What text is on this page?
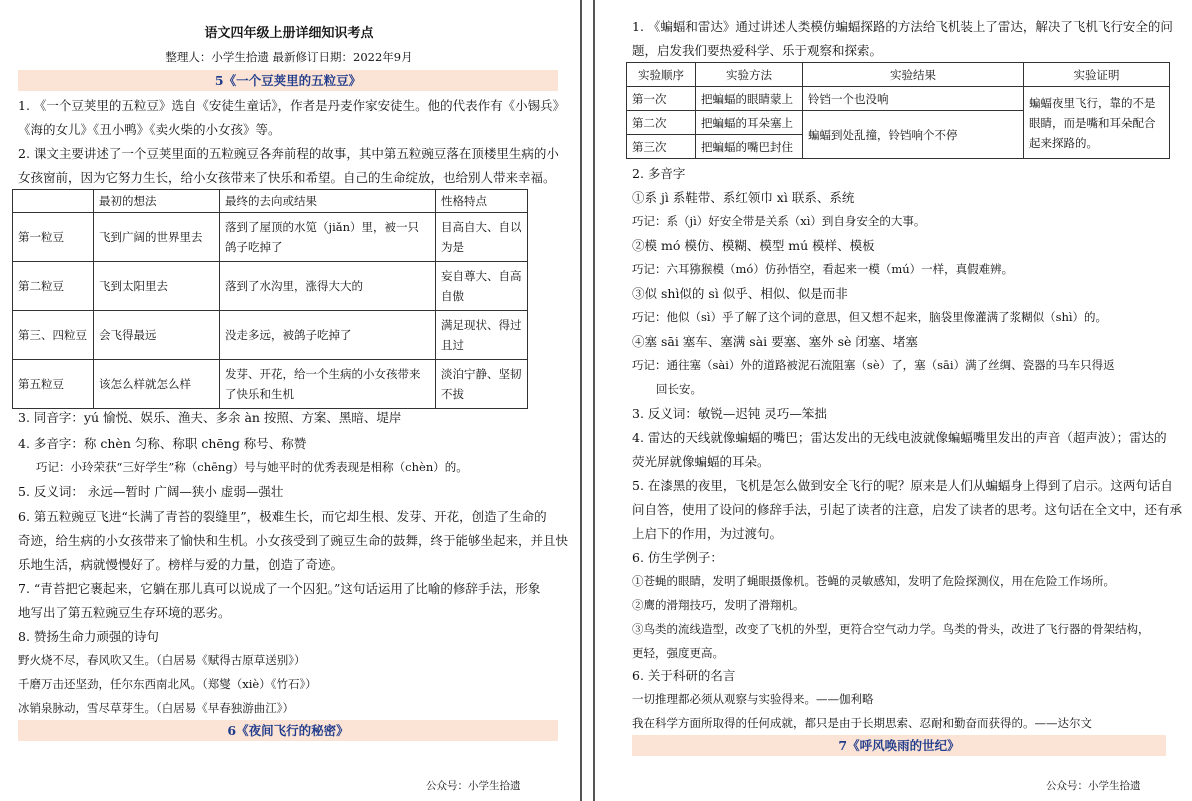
语文四年级上册详细知识考点
整理人：小学生拾遗 最新修订日期：2022年9月
5《一个豆荚里的五粒豆》
1. 《一个豆荚里的五粒豆》选自《安徒生童话》，作者是丹麦作家安徒生。他的代表作有《小锡兵》
《海的女儿》《丑小鸭》《卖火柴的小女孩》等。
2. 课文主要讲述了一个豆荚里面的五粒豌豆各奔前程的故事，其中第五粒豌豆落在顶楼里生病的小
女孩窗前，因为它努力生长，给小女孩带来了快乐和希望。自己的生命绽放，也给别人带来幸福。
	最初的想法	最终的去向或结果	性格特点
第一粒豆	飞到广阔的世界里去	落到了屋顶的水笕（jiǎn）里，被一只鸽子吃掉了	目高自大、自以为是
第二粒豆	飞到太阳里去	落到了水沟里，涨得大大的	妄自尊大、自高自傲
第三、四粒豆	会飞得最远	没走多远，被鸽子吃掉了	满足现状、得过且过
第五粒豆	该怎么样就怎么样	发芽、开花，给一个生病的小女孩带来了快乐和生机	淡泊宁静、坚韧不拔
3. 同音字：yú 愉悦、娱乐、渔夫、多余 àn 按照、方案、黑暗、堤岸
4. 多音字：称 chèn 匀称、称职 chēng 称号、称赞
巧记：小玲荣获“三好学生”称（chēng）号与她平时的优秀表现是相称（chèn）的。
5. 反义词： 永远—暂时 广阔—狭小 虚弱—强壮
6. 第五粒豌豆飞进“长满了青苔的裂缝里”，极难生长，而它却生根、发芽、开花，创造了生命的
奇迹，给生病的小女孩带来了愉快和生机。小女孩受到了豌豆生命的鼓舞，终于能够坐起来，并且快
乐地生活，病就慢慢好了。榜样与爱的力量，创造了奇迹。
7. “青苔把它裹起来，它躺在那儿真可以说成了一个囚犯。”这句话运用了比喻的修辞手法，形象
地写出了第五粒豌豆生存环境的恶劣。
8. 赞扬生命力顽强的诗句
野火烧不尽，春风吹又生。（白居易《赋得古原草送别》）
千磨万击还坚劲，任尔东西南北风。（郑燮（xiè）《竹石》）
冰销泉脉动，雪尽草芽生。（白居易《早春独游曲江》）
6《夜间飞行的秘密》
公众号：小学生拾遗
1. 《蝙蝠和雷达》通过讲述人类模仿蝙蝠探路的方法给飞机装上了雷达，解决了飞机飞行安全的问
题，启发我们要热爱科学、乐于观察和探索。
实验顺序	实验方法	实验结果	实验证明
第一次	把蝙蝠的眼睛蒙上	铃铛一个也没响	蝙蝠夜里飞行，靠的不是眼睛，而是嘴和耳朵配合起来探路的。
第二次	把蝙蝠的耳朵塞上	蝙蝠到处乱撞，铃铛响个不停	
第三次	把蝙蝠的嘴巴封住		
2. 多音字
①系 jì 系鞋带、系红领巾 xì 联系、系统
巧记：系（jì）好安全带是关系（xì）到自身安全的大事。
②模 mó 模仿、模糊、模型 mú 模样、模板
巧记：六耳猕猴模（mó）仿孙悟空，看起来一模（mú）一样，真假难辨。
③似 shì似的 sì 似乎、相似、似是而非
巧记：他似（sì）乎了解了这个词的意思，但又想不起来，脑袋里像灌满了浆糊似（shì）的。
④塞 sāi 塞车、塞满 sài 要塞、塞外 sè 闭塞、堵塞
巧记：通往塞（sài）外的道路被泥石流阻塞（sè）了，塞（sāi）满了丝绸、瓷器的马车只得返
回长安。
3. 反义词：敏锐—迟钝 灵巧—笨拙
4. 雷达的天线就像蝙蝠的嘴巴；雷达发出的无线电波就像蝙蝠嘴里发出的声音（超声波）；雷达的
荧光屏就像蝙蝠的耳朵。
5. 在漆黑的夜里，飞机是怎么做到安全飞行的呢？原来是人们从蝙蝠身上得到了启示。这两句话自
问自答，使用了设问的修辞手法，引起了读者的注意，启发了读者的思考。这句话在全文中，还有承
上启下的作用，为过渡句。
6. 仿生学例子：
①苍蝇的眼睛，发明了蝇眼摄像机。苍蝇的灵敏感知，发明了危险探测仪，用在危险工作场所。
②鹰的滑翔技巧，发明了滑翔机。
③鸟类的流线造型，改变了飞机的外型，更符合空气动力学。鸟类的骨头，改进了飞行器的骨架结构，
更轻，强度更高。
6. 关于科研的名言
一切推理都必须从观察与实验得来。——伽利略
我在科学方面所取得的任何成就，都只是由于长期思索、忍耐和勤奋而获得的。——达尔文
7《呼风唤雨的世纪》
公众号：小学生拾遗
